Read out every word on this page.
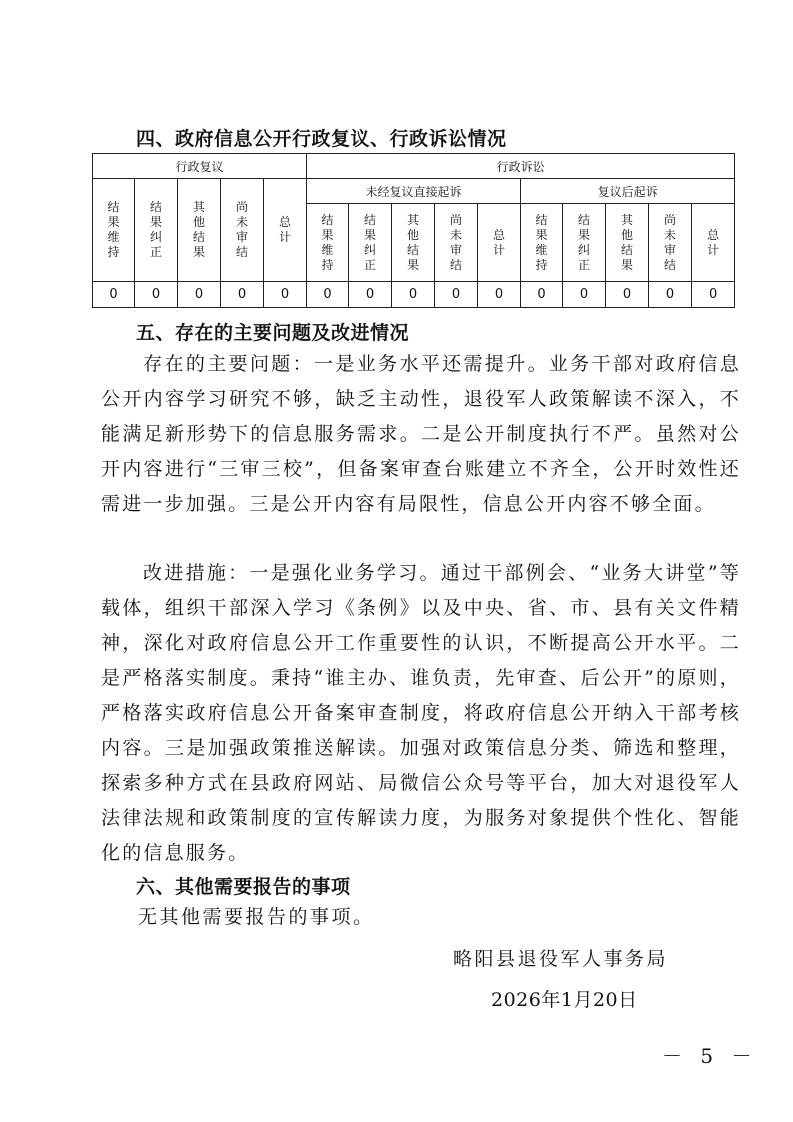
四、政府信息公开行政复议、行政诉讼情况
行政复议					行政诉讼									
结果维持	结果纠正	其他结果	尚未审结	总计	未经复议直接起诉					复议后起诉				
					结果维持	结果纠正	其他结果	尚未审结	总计	结果维持	结果纠正	其他结果	尚未审结	总计
0	0	0	0	0	0	0	0	0	0	0	0	0	0	0
五、存在的主要问题及改进情况
存在的主要问题：一是业务水平还需提升。业务干部对政府信息公开内容学习研究不够，缺乏主动性，退役军人政策解读不深入，不能满足新形势下的信息服务需求。二是公开制度执行不严。虽然对公开内容进行“三审三校”，但备案审查台账建立不齐全，公开时效性还需进一步加强。三是公开内容有局限性，信息公开内容不够全面。
改进措施：一是强化业务学习。通过干部例会、“业务大讲堂”等载体，组织干部深入学习《条例》以及中央、省、市、县有关文件精神，深化对政府信息公开工作重要性的认识，不断提高公开水平。二是严格落实制度。秉持“谁主办、谁负责，先审查、后公开”的原则，严格落实政府信息公开备案审查制度，将政府信息公开纳入干部考核内容。三是加强政策推送解读。加强对政策信息分类、筛选和整理，探索多种方式在县政府网站、局微信公众号等平台，加大对退役军人法律法规和政策制度的宣传解读力度，为服务对象提供个性化、智能化的信息服务。
六、其他需要报告的事项
无其他需要报告的事项。
略阳县退役军人事务局
2026年1月20日
－ 5 －
